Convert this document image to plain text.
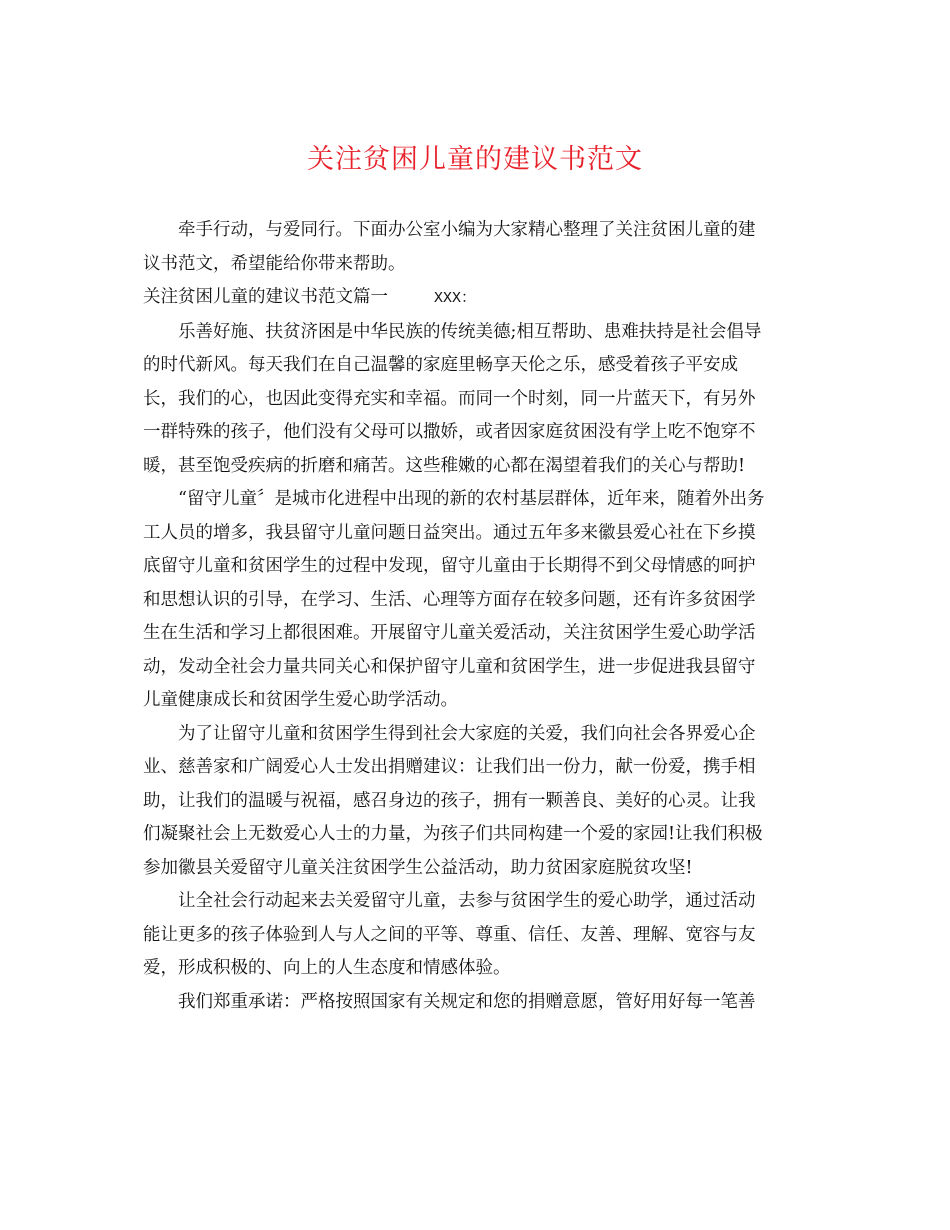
关注贫困儿童的建议书范文

牵手行动，与爱同行。下面办公室小编为大家精心整理了关注贫困儿童的建
议书范文，希望能给你带来帮助。

关注贫困儿童的建议书范文篇一	XXX：

乐善好施、扶贫济困是中华民族的传统美德;相互帮助、患难扶持是社会倡导
的时代新风。每天我们在自己温馨的家庭里畅享天伦之乐，感受着孩子平安成
长，我们的心，也因此变得充实和幸福。而同一个时刻，同一片蓝天下，有另外
一群特殊的孩子，他们没有父母可以撒娇，或者因家庭贫困没有学上吃不饱穿不
暖，甚至饱受疾病的折磨和痛苦。这些稚嫩的心都在渴望着我们的关心与帮助!

“留守儿童〞是城市化进程中出现的新的农村基层群体，近年来，随着外出务
工人员的增多，我县留守儿童问题日益突出。通过五年多来徽县爱心社在下乡摸
底留守儿童和贫困学生的过程中发现，留守儿童由于长期得不到父母情感的呵护
和思想认识的引导，在学习、生活、心理等方面存在较多问题，还有许多贫困学
生在生活和学习上都很困难。开展留守儿童关爱活动，关注贫困学生爱心助学活
动，发动全社会力量共同关心和保护留守儿童和贫困学生，进一步促进我县留守
儿童健康成长和贫困学生爱心助学活动。

为了让留守儿童和贫困学生得到社会大家庭的关爱，我们向社会各界爱心企
业、慈善家和广阔爱心人士发出捐赠建议：让我们出一份力，献一份爱，携手相
助，让我们的温暖与祝福，感召身边的孩子，拥有一颗善良、美好的心灵。让我
们凝聚社会上无数爱心人士的力量，为孩子们共同构建一个爱的家园!让我们积极
参加徽县关爱留守儿童关注贫困学生公益活动，助力贫困家庭脱贫攻坚!

让全社会行动起来去关爱留守儿童，去参与贫困学生的爱心助学，通过活动
能让更多的孩子体验到人与人之间的平等、尊重、信任、友善、理解、宽容与友
爱，形成积极的、向上的人生态度和情感体验。

我们郑重承诺：严格按照国家有关规定和您的捐赠意愿，管好用好每一笔善
